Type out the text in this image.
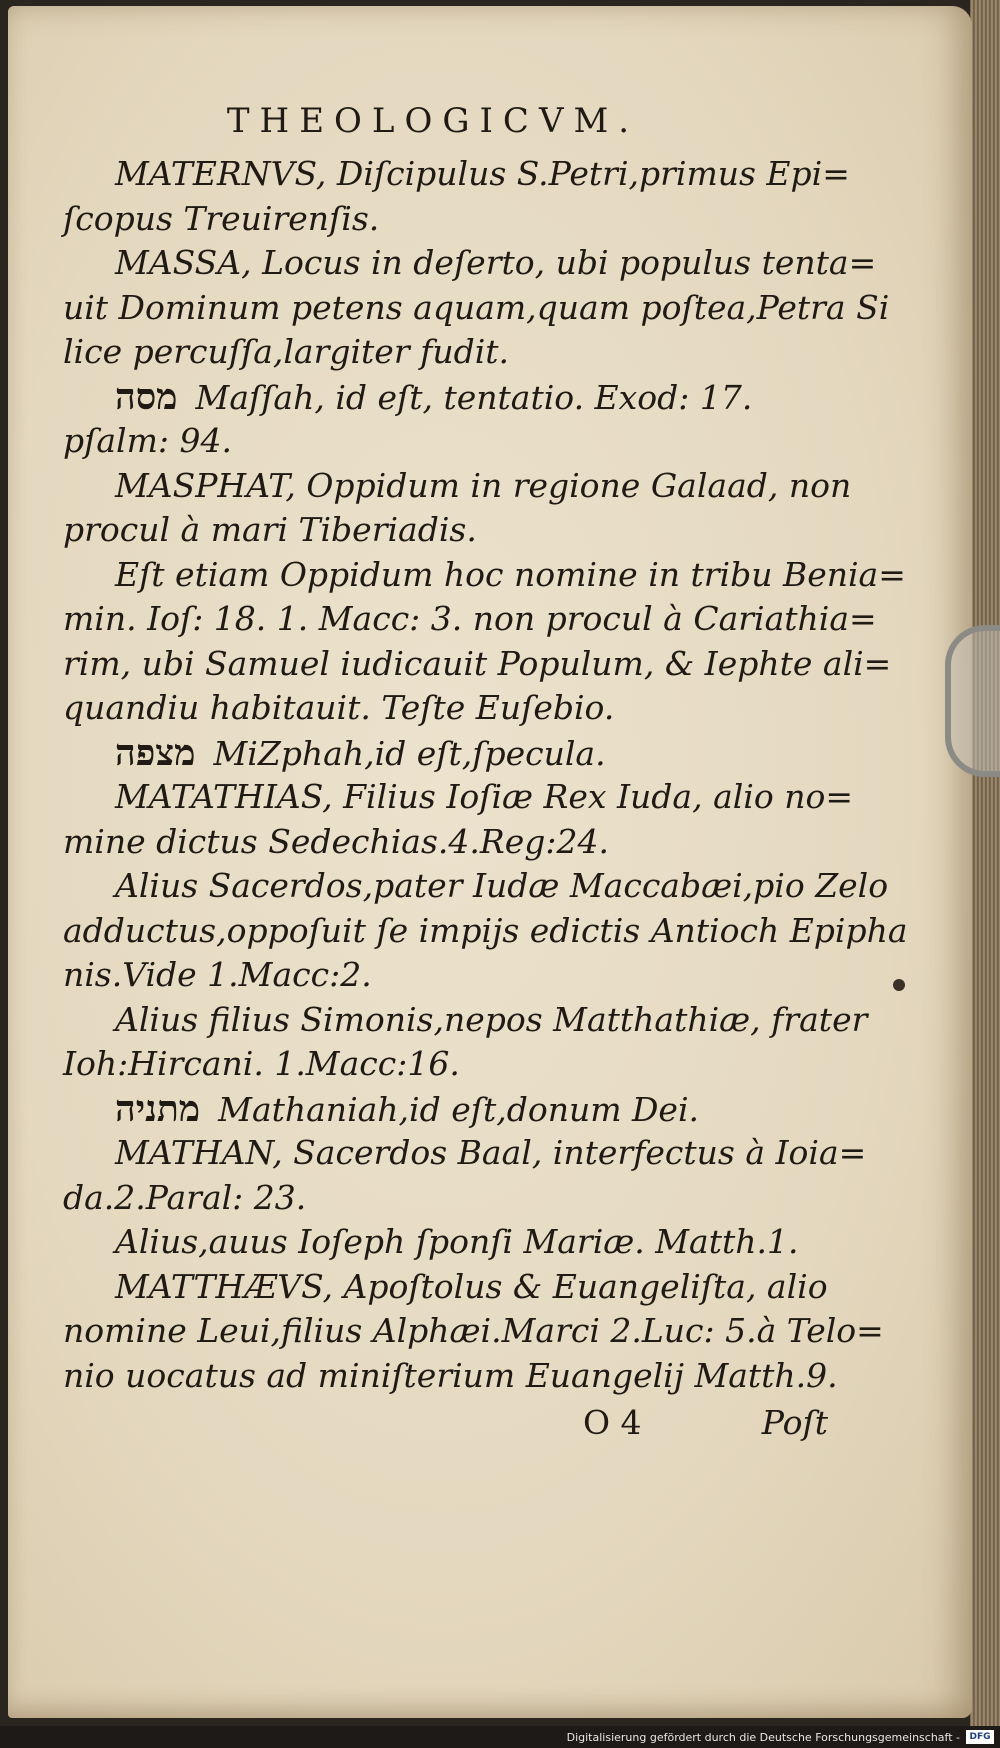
THEOLOGICVM.
MATERNVS, Diſcipulus S.Petri,primus Epi=
ſcopus Treuirenſis.
MASSA, Locus in deſerto, ubi populus tenta=
uit Dominum petens aquam,quam poſtea,Petra Si
lice percuſſa,largiter fudit.
מסה Maſſah, id eſt, tentatio. Exod: 17.
pſalm: 94.
MASPHAT, Oppidum in regione Galaad, non
procul à mari Tiberiadis.
Eſt etiam Oppidum hoc nomine in tribu Benia=
min. Ioſ: 18. 1. Macc: 3. non procul à Cariathia=
rim, ubi Samuel iudicauit Populum, & Iephte ali=
quandiu habitauit. Teſte Euſebio.
מצפה MiZphah,id eſt,ſpecula.
MATATHIAS, Filius Ioſiæ Rex Iuda, alio no=
mine dictus Sedechias.4.Reg:24.
Alius Sacerdos,pater Iudæ Maccabæi,pio Zelo
adductus,oppoſuit ſe impijs edictis Antioch Epipha
nis.Vide 1.Macc:2.
Alius filius Simonis,nepos Matthathiæ, frater
Ioh:Hircani. 1.Macc:16.
מתניה Mathaniah,id eſt,donum Dei.
MATHAN, Sacerdos Baal, interfectus à Ioia=
da.2.Paral: 23.
Alius,auus Ioſeph ſponſi Mariæ. Matth.1.
MATTHÆVS, Apoſtolus & Euangeliſta, alio
nomine Leui,filius Alphæi.Marci 2.Luc: 5.à Telo=
nio uocatus ad miniſterium Euangelij Matth.9.
O 4	Poſt
Digitalisierung gefördert durch die Deutsche Forschungsgemeinschaft -	DFG
